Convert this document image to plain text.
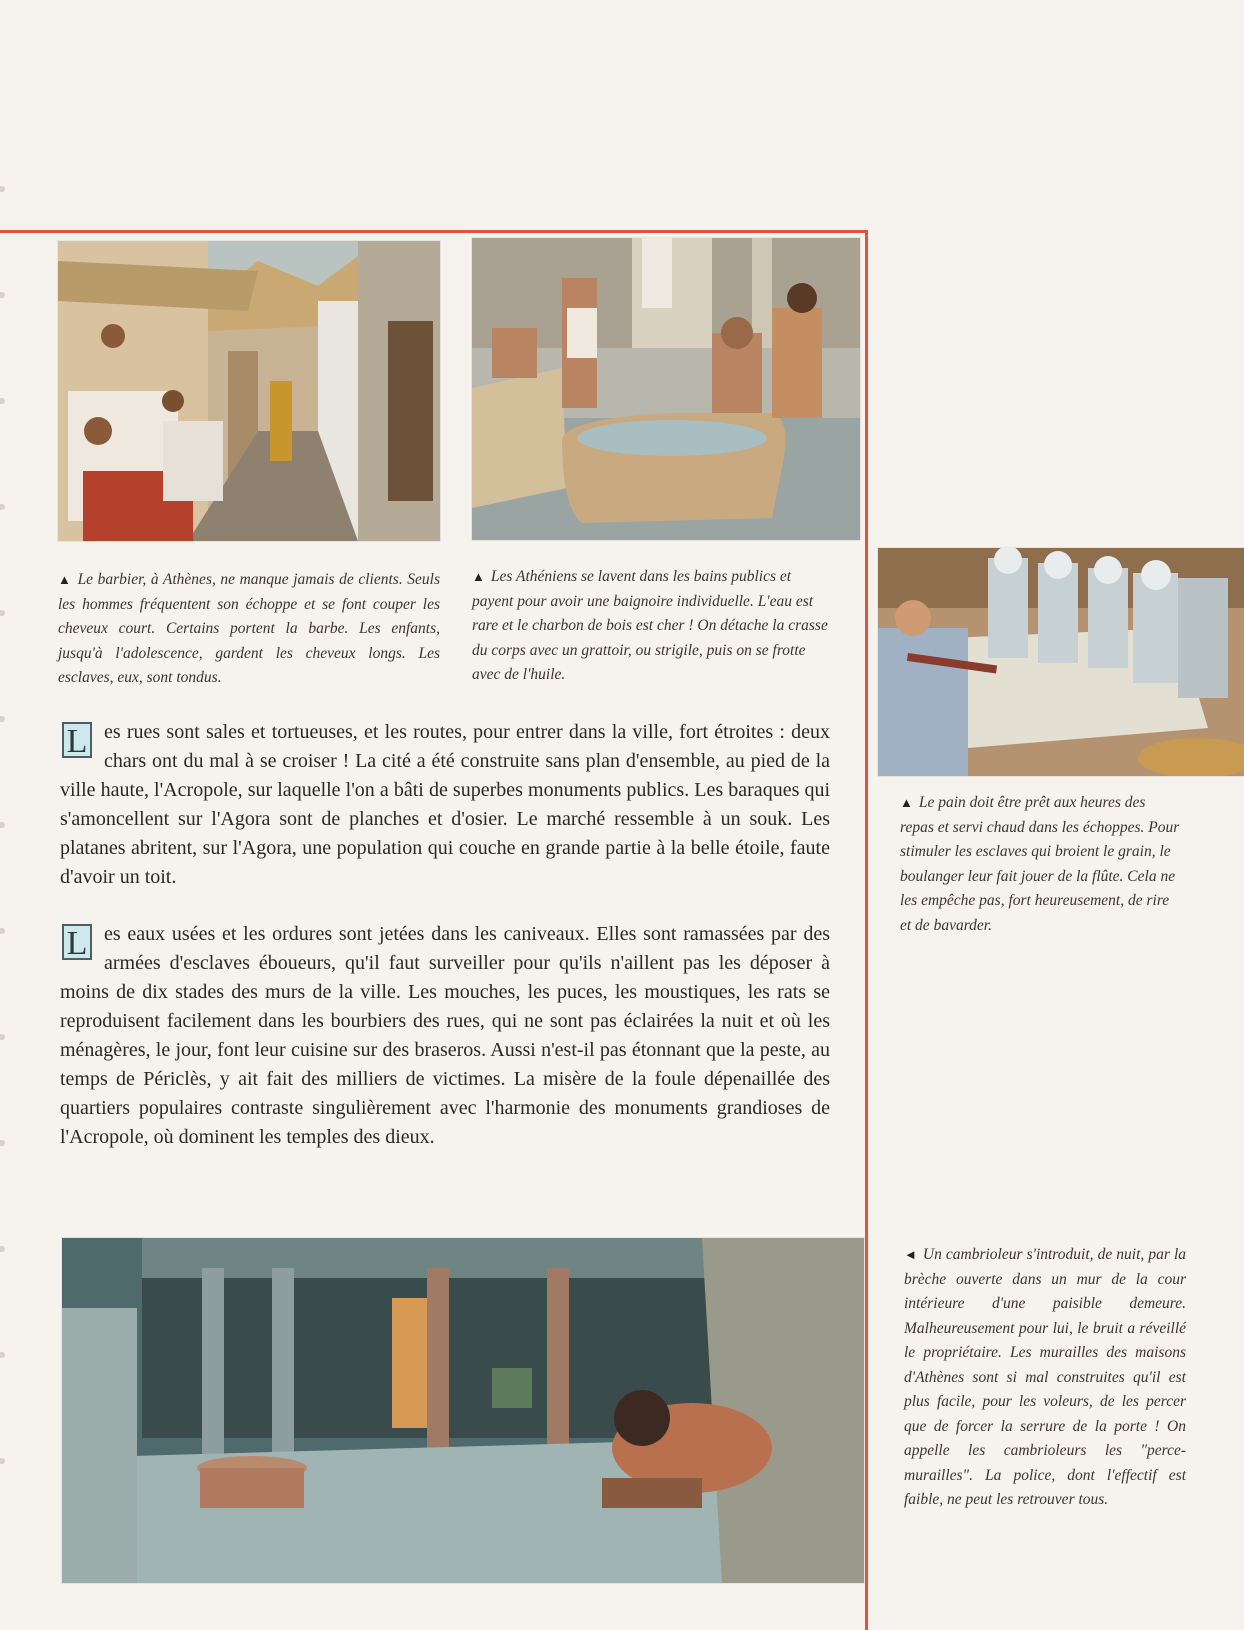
▲ Le barbier, à Athènes, ne manque jamais de clients. Seuls les hommes fréquentent son échoppe et se font couper les cheveux court. Certains portent la barbe. Les enfants, jusqu'à l'adolescence, gardent les cheveux longs. Les esclaves, eux, sont tondus.

▲ Les Athéniens se lavent dans les bains publics et payent pour avoir une baignoire individuelle. L'eau est rare et le charbon de bois est cher ! On détache la crasse du corps avec un grattoir, ou strigile, puis on se frotte avec de l'huile.

L es rues sont sales et tortueuses, et les routes, pour entrer dans la ville, fort étroites : deux chars ont du mal à se croiser ! La cité a été construite sans plan d'ensemble, au pied de la ville haute, l'Acropole, sur laquelle l'on a bâti de superbes monuments publics. Les baraques qui s'amoncellent sur l'Agora sont de planches et d'osier. Le marché ressemble à un souk. Les platanes abritent, sur l'Agora, une population qui couche en grande partie à la belle étoile, faute d'avoir un toit.

L es eaux usées et les ordures sont jetées dans les caniveaux. Elles sont ramassées par des armées d'esclaves éboueurs, qu'il faut surveiller pour qu'ils n'aillent pas les déposer à moins de dix stades des murs de la ville. Les mouches, les puces, les moustiques, les rats se reproduisent facilement dans les bourbiers des rues, qui ne sont pas éclairées la nuit et où les ménagères, le jour, font leur cuisine sur des braseros. Aussi n'est-il pas étonnant que la peste, au temps de Périclès, y ait fait des milliers de victimes. La misère de la foule dépenaillée des quartiers populaires contraste singulièrement avec l'harmonie des monuments grandioses de l'Acropole, où dominent les temples des dieux.

▲ Le pain doit être prêt aux heures des repas et servi chaud dans les échoppes. Pour stimuler les esclaves qui broient le grain, le boulanger leur fait jouer de la flûte. Cela ne les empêche pas, fort heureusement, de rire et de bavarder.

◄ Un cambrioleur s'introduit, de nuit, par la brèche ouverte dans un mur de la cour intérieure d'une paisible demeure. Malheureusement pour lui, le bruit a réveillé le propriétaire. Les murailles des maisons d'Athènes sont si mal construites qu'il est plus facile, pour les voleurs, de les percer que de forcer la serrure de la porte ! On appelle les cambrioleurs les "perce-murailles". La police, dont l'effectif est faible, ne peut les retrouver tous.
